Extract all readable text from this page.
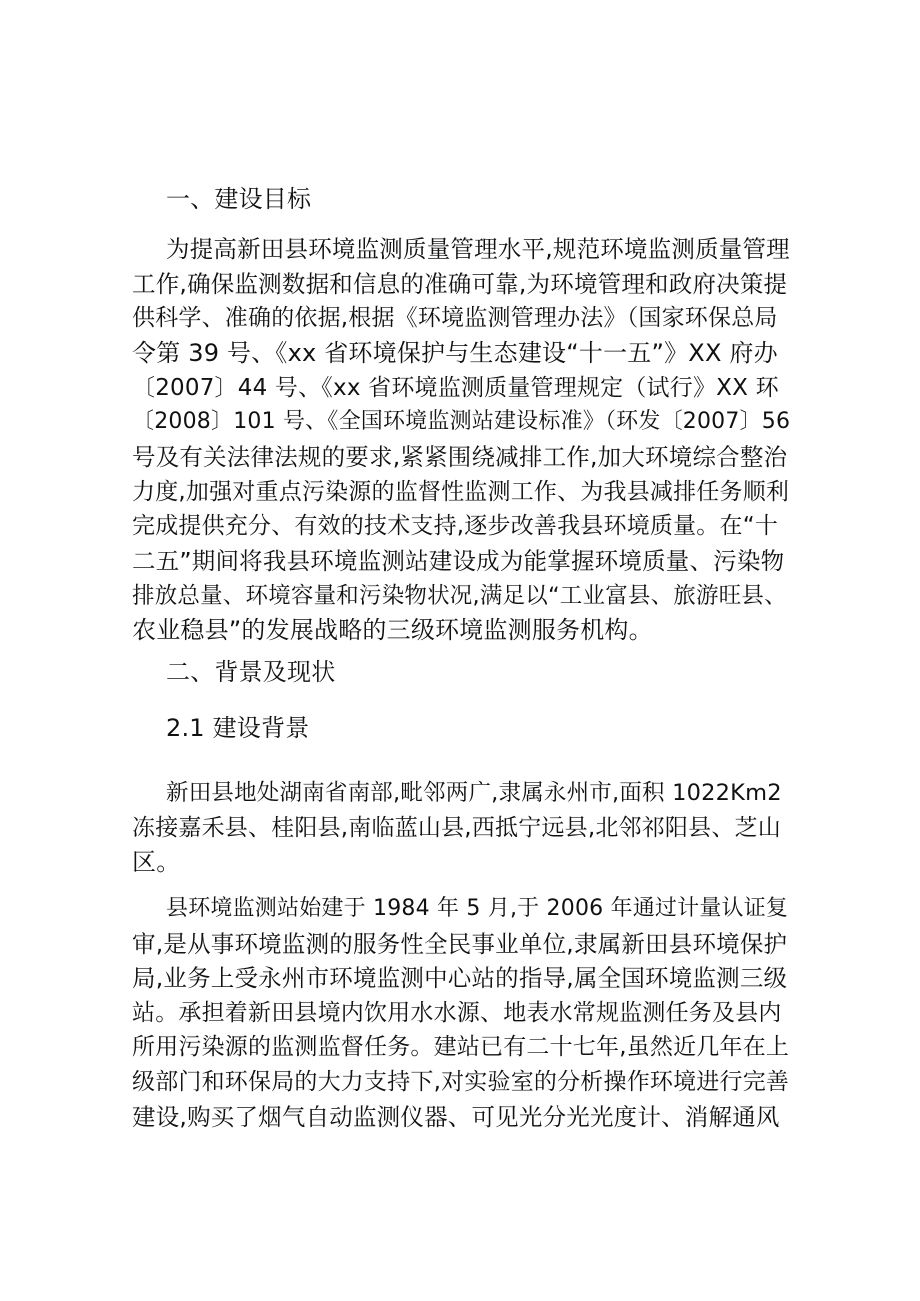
一、建设目标
为提高新田县环境监测质量管理水平,规范环境监测质量管理
工作,确保监测数据和信息的准确可靠,为环境管理和政府决策提
供科学、准确的依据,根据《环境监测管理办法》（国家环保总局
令第 39 号、《xx 省环境保护与生态建设“十一五”》XX 府办
〔2007〕44 号、《xx 省环境监测质量管理规定（试行》XX 环
〔2008〕101 号、《全国环境监测站建设标准》（环发〔2007〕56
号及有关法律法规的要求,紧紧围绕减排工作,加大环境综合整治
力度,加强对重点污染源的监督性监测工作、为我县减排任务顺利
完成提供充分、有效的技术支持,逐步改善我县环境质量。在“十
二五”期间将我县环境监测站建设成为能掌握环境质量、污染物
排放总量、环境容量和污染物状况,满足以“工业富县、旅游旺县、
农业稳县”的发展战略的三级环境监测服务机构。
二、背景及现状
2.1 建设背景
新田县地处湖南省南部,毗邻两广,隶属永州市,面积 1022Km2
冻接嘉禾县、桂阳县,南临蓝山县,西抵宁远县,北邻祁阳县、芝山
区。
县环境监测站始建于 1984 年 5 月,于 2006 年通过计量认证复
审,是从事环境监测的服务性全民事业单位,隶属新田县环境保护
局,业务上受永州市环境监测中心站的指导,属全国环境监测三级
站。承担着新田县境内饮用水水源、地表水常规监测任务及县内
所用污染源的监测监督任务。建站已有二十七年,虽然近几年在上
级部门和环保局的大力支持下,对实验室的分析操作环境进行完善
建设,购买了烟气自动监测仪器、可见光分光光度计、消解通风
